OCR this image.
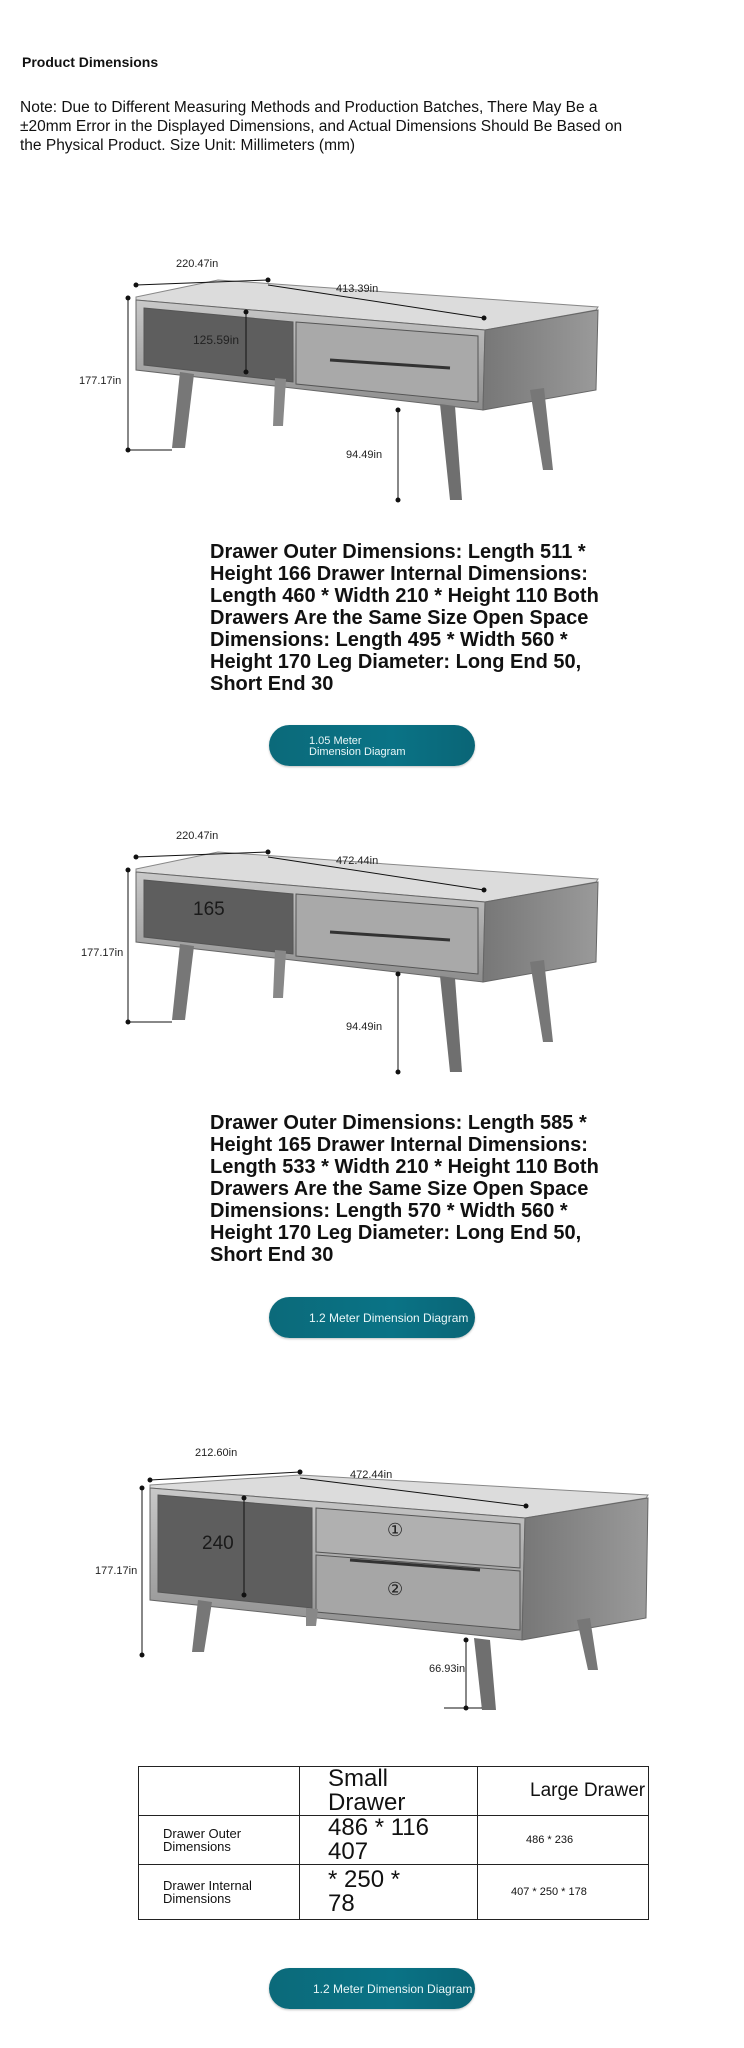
Product Dimensions
Note: Due to Different Measuring Methods and Production Batches, There May Be a ±20mm Error in the Displayed Dimensions, and Actual Dimensions Should Be Based on the Physical Product. Size Unit: Millimeters (mm)
220.47in
413.39in
177.17in
125.59in
94.49in
Drawer Outer Dimensions: Length 511 * Height 166 Drawer Internal Dimensions: Length 460 * Width 210 * Height 110 Both Drawers Are the Same Size Open Space Dimensions: Length 495 * Width 560 * Height 170 Leg Diameter: Long End 50, Short End 30
1.05 Meter
Dimension Diagram
220.47in
472.44in
177.17in
165
94.49in
Drawer Outer Dimensions: Length 585 * Height 165 Drawer Internal Dimensions: Length 533 * Width 210 * Height 110 Both Drawers Are the Same Size Open Space Dimensions: Length 570 * Width 560 * Height 170 Leg Diameter: Long End 50, Short End 30
1.2 Meter Dimension Diagram
212.60in
472.44in
177.17in
240
①
②
66.93in
	Small Drawer	Large Drawer
Drawer Outer Dimensions	486 * 116 407	486 * 236
Drawer Internal Dimensions	* 250 * 78	407 * 250 * 178
1.2 Meter Dimension Diagram
